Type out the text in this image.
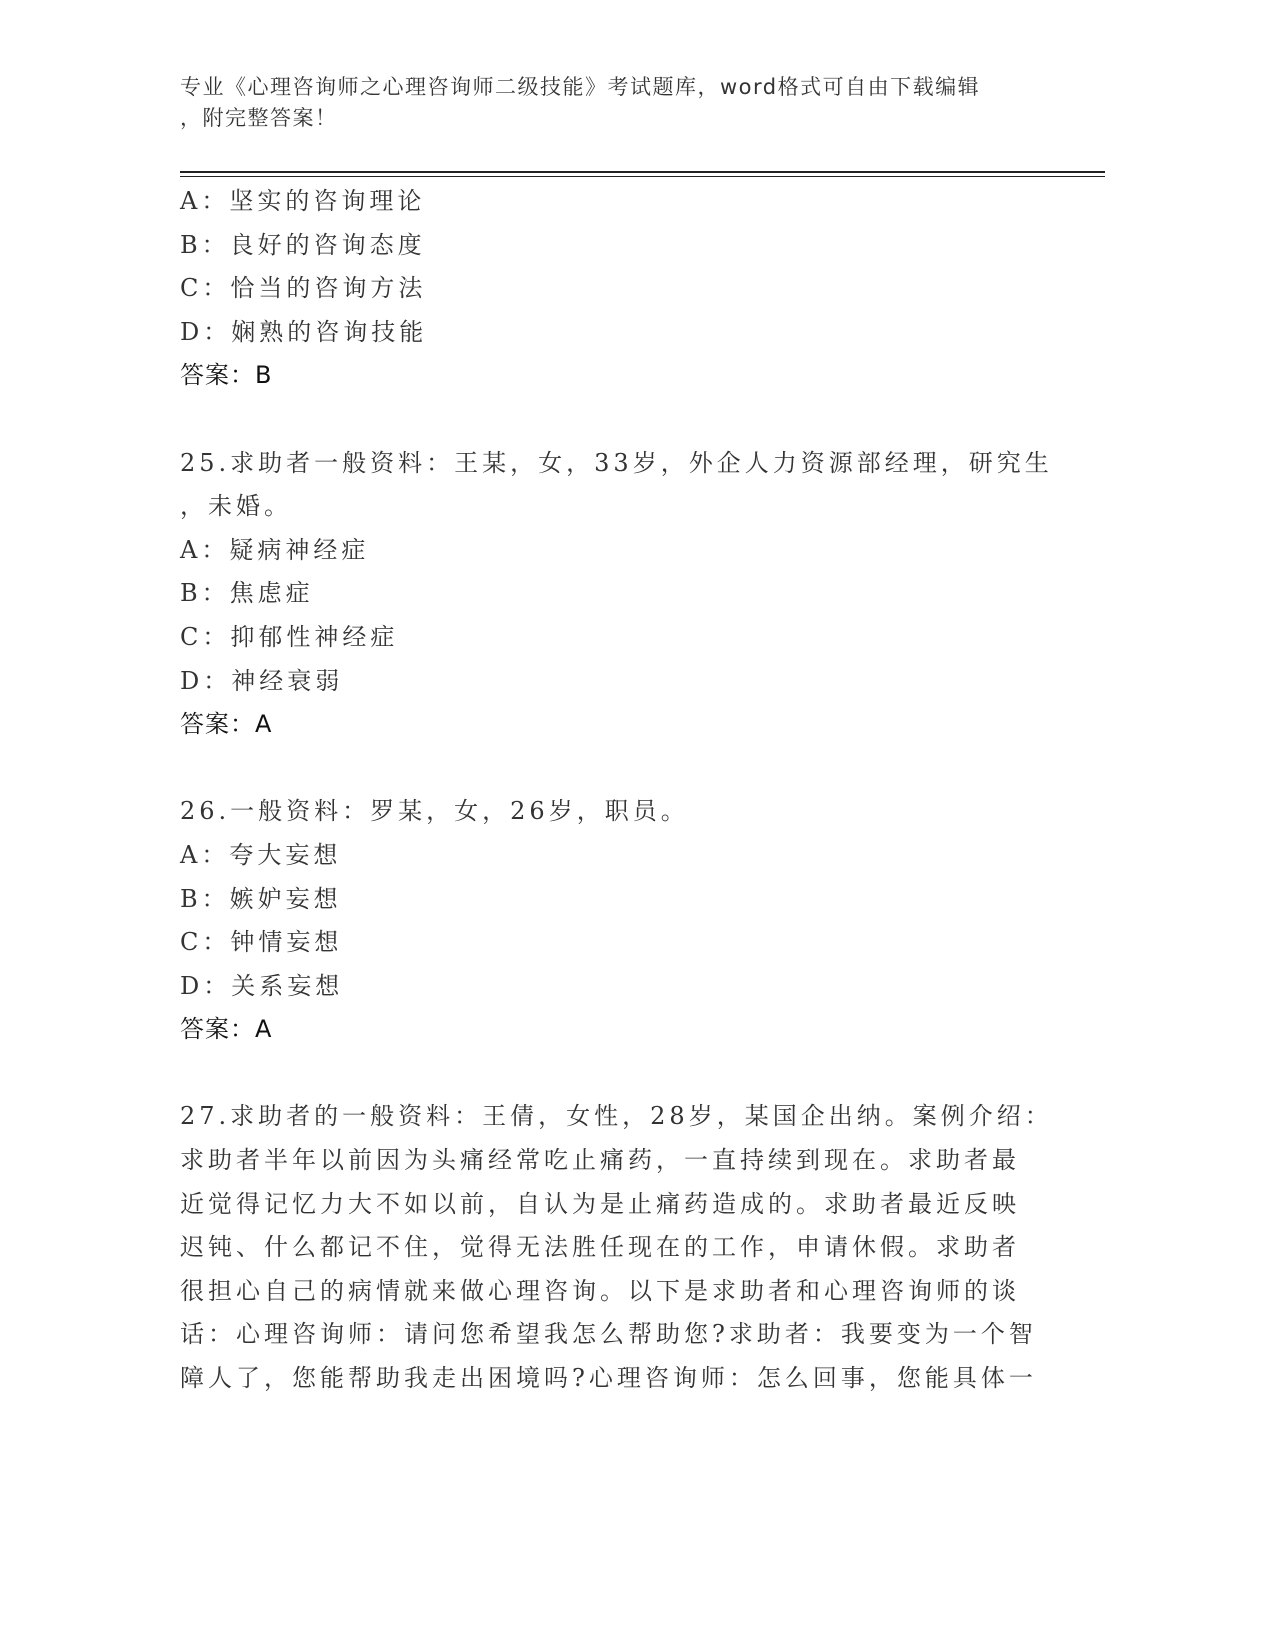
专业《心理咨询师之心理咨询师二级技能》考试题库，word格式可自由下载编辑
，附完整答案！
A：坚实的咨询理论
B：良好的咨询态度
C：恰当的咨询方法
D：娴熟的咨询技能
答案：B
25.求助者一般资料：王某，女，33岁，外企人力资源部经理，研究生
，未婚。
A：疑病神经症
B：焦虑症
C：抑郁性神经症
D：神经衰弱
答案：A
26.一般资料：罗某，女，26岁，职员。
A：夸大妄想
B：嫉妒妄想
C：钟情妄想
D：关系妄想
答案：A
27.求助者的一般资料：王倩，女性，28岁，某国企出纳。案例介绍：
求助者半年以前因为头痛经常吃止痛药，一直持续到现在。求助者最
近觉得记忆力大不如以前，自认为是止痛药造成的。求助者最近反映
迟钝、什么都记不住，觉得无法胜任现在的工作，申请休假。求助者
很担心自己的病情就来做心理咨询。以下是求助者和心理咨询师的谈
话：心理咨询师：请问您希望我怎么帮助您?求助者：我要变为一个智
障人了，您能帮助我走出困境吗?心理咨询师：怎么回事，您能具体一
